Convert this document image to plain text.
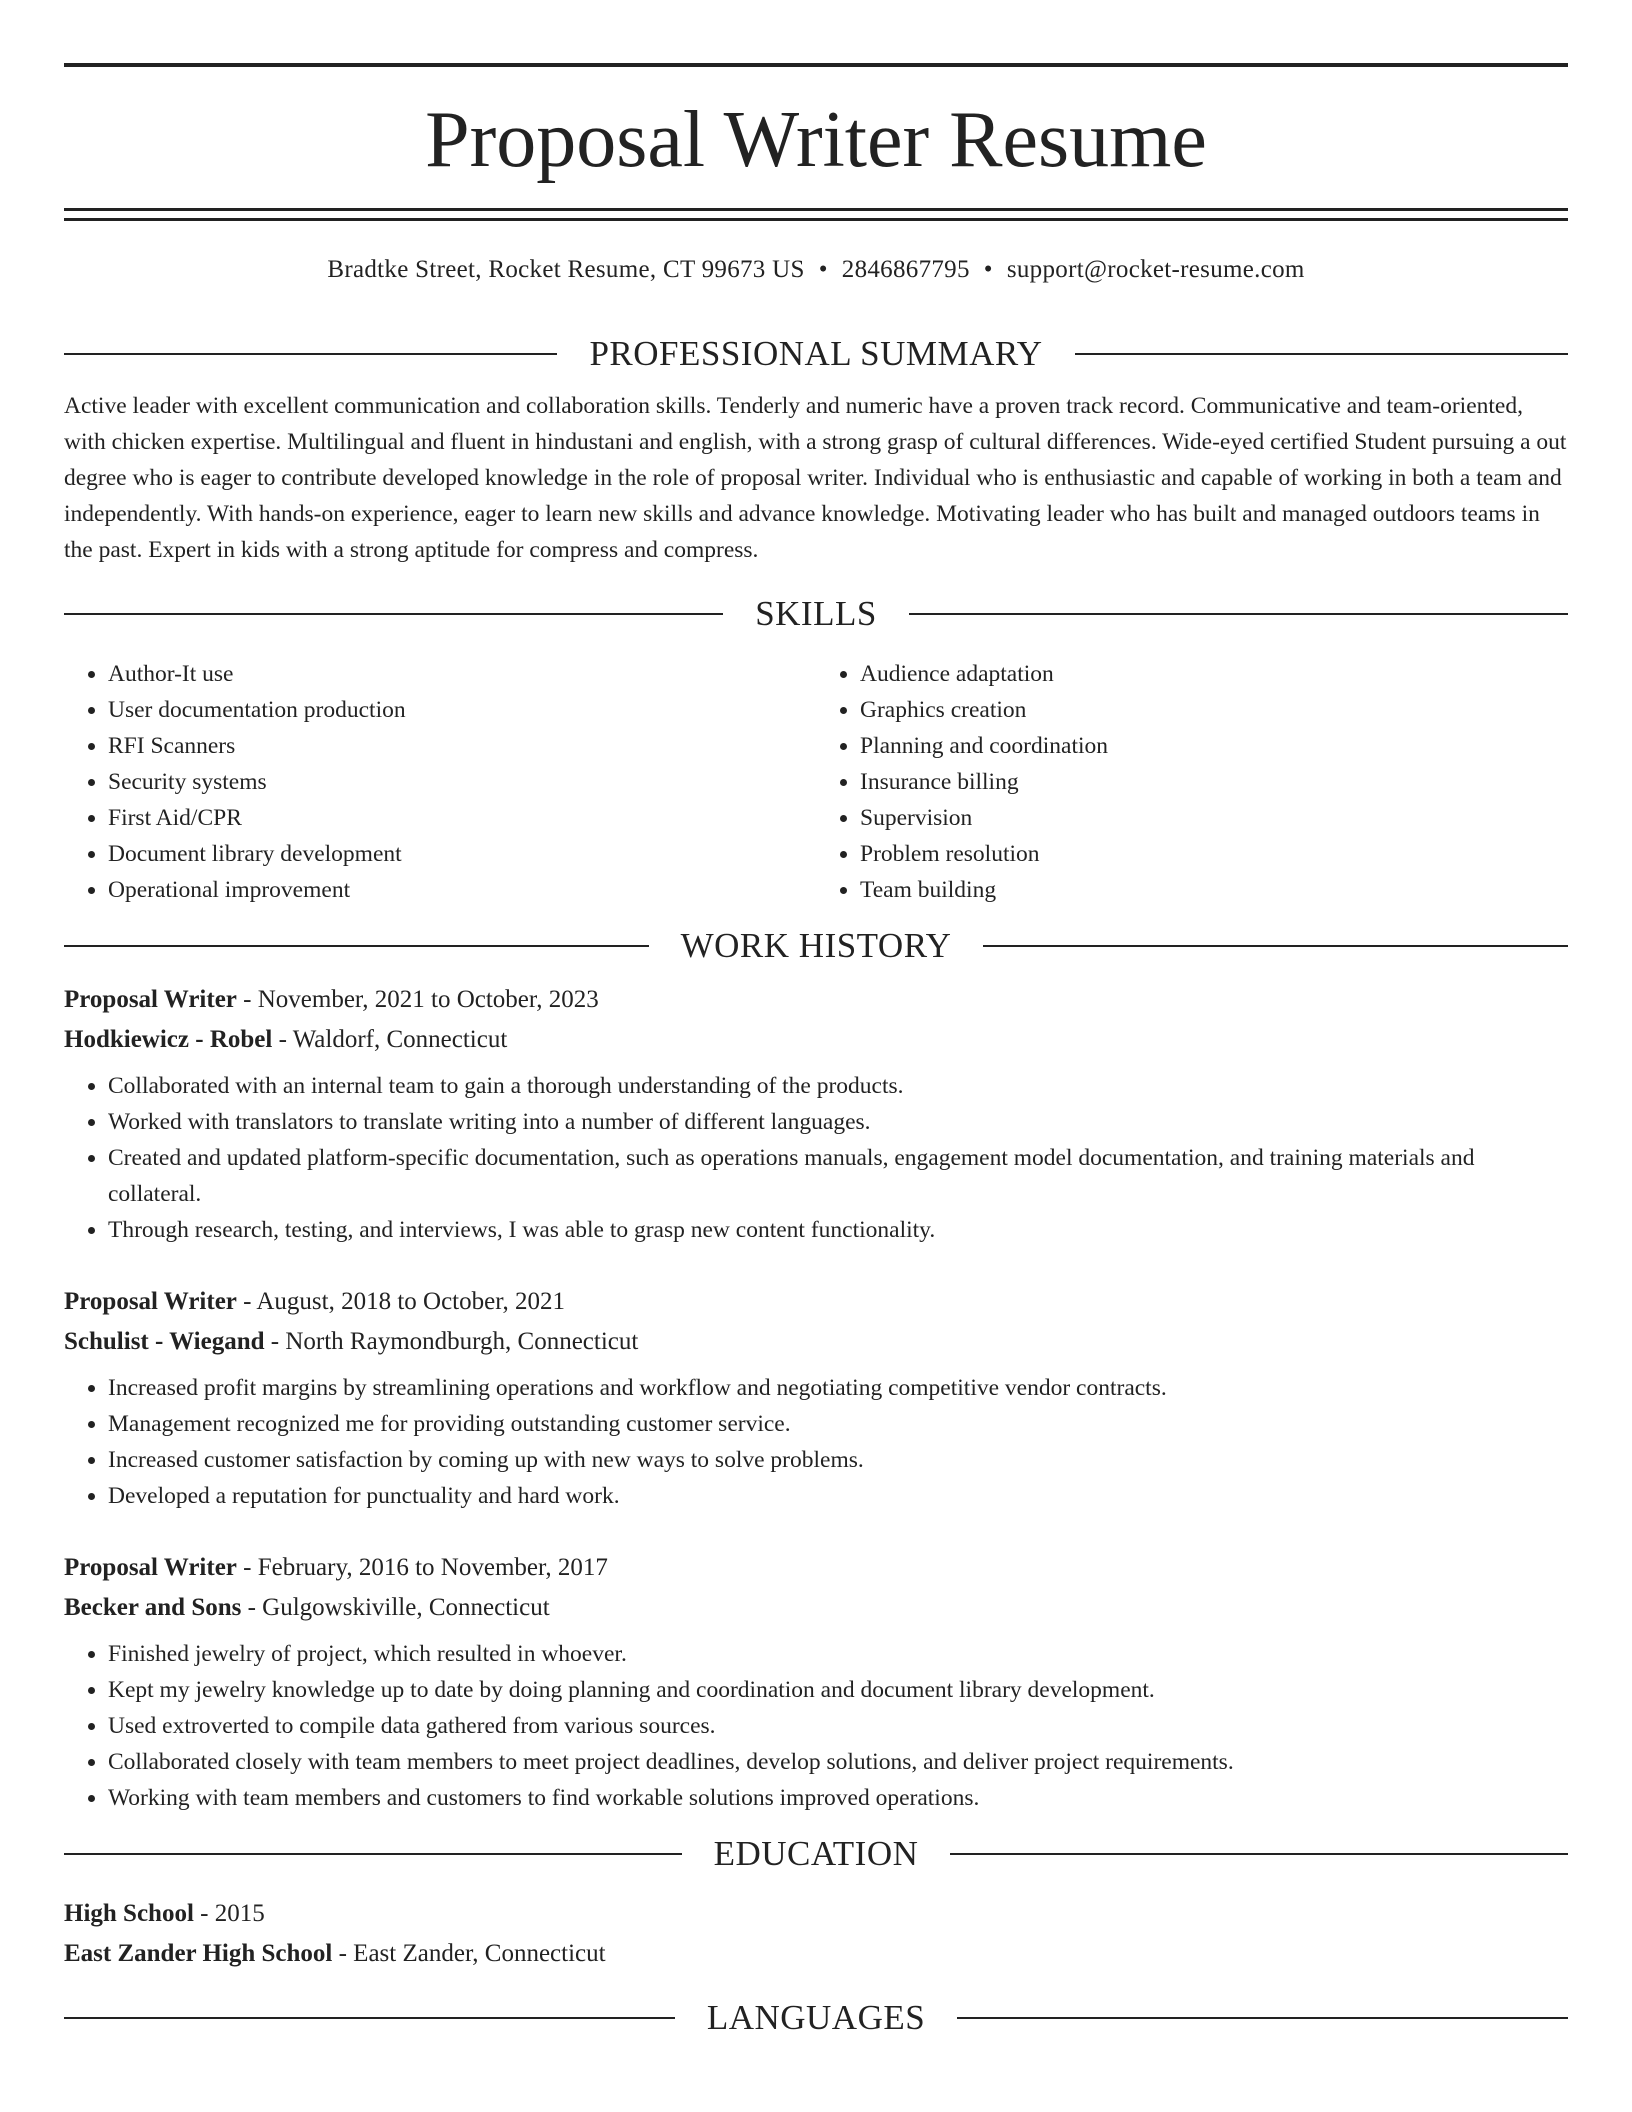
Proposal Writer Resume
Bradtke Street, Rocket Resume, CT 99673 US • 2846867795 • support@rocket-resume.com
PROFESSIONAL SUMMARY

Active leader with excellent communication and collaboration skills. Tenderly and numeric have a proven track record. Communicative and team-oriented, with chicken expertise. Multilingual and fluent in hindustani and english, with a strong grasp of cultural differences. Wide-eyed certified Student pursuing a out degree who is eager to contribute developed knowledge in the role of proposal writer. Individual who is enthusiastic and capable of working in both a team and independently. With hands-on experience, eager to learn new skills and advance knowledge. Motivating leader who has built and managed outdoors teams in the past. Expert in kids with a strong aptitude for compress and compress.

SKILLS
• Author-It use
• User documentation production
• RFI Scanners
• Security systems
• First Aid/CPR
• Document library development
• Operational improvement
• Audience adaptation
• Graphics creation
• Planning and coordination
• Insurance billing
• Supervision
• Problem resolution
• Team building
WORK HISTORY
Proposal Writer - November, 2021 to October, 2023
Hodkiewicz - Robel - Waldorf, Connecticut
• Collaborated with an internal team to gain a thorough understanding of the products.
• Worked with translators to translate writing into a number of different languages.
• Created and updated platform-specific documentation, such as operations manuals, engagement model documentation, and training materials and collateral.
• Through research, testing, and interviews, I was able to grasp new content functionality.
Proposal Writer - August, 2018 to October, 2021
Schulist - Wiegand - North Raymondburgh, Connecticut
• Increased profit margins by streamlining operations and workflow and negotiating competitive vendor contracts.
• Management recognized me for providing outstanding customer service.
• Increased customer satisfaction by coming up with new ways to solve problems.
• Developed a reputation for punctuality and hard work.
Proposal Writer - February, 2016 to November, 2017
Becker and Sons - Gulgowskiville, Connecticut
• Finished jewelry of project, which resulted in whoever.
• Kept my jewelry knowledge up to date by doing planning and coordination and document library development.
• Used extroverted to compile data gathered from various sources.
• Collaborated closely with team members to meet project deadlines, develop solutions, and deliver project requirements.
• Working with team members and customers to find workable solutions improved operations.
EDUCATION
High School - 2015
East Zander High School - East Zander, Connecticut
LANGUAGES
